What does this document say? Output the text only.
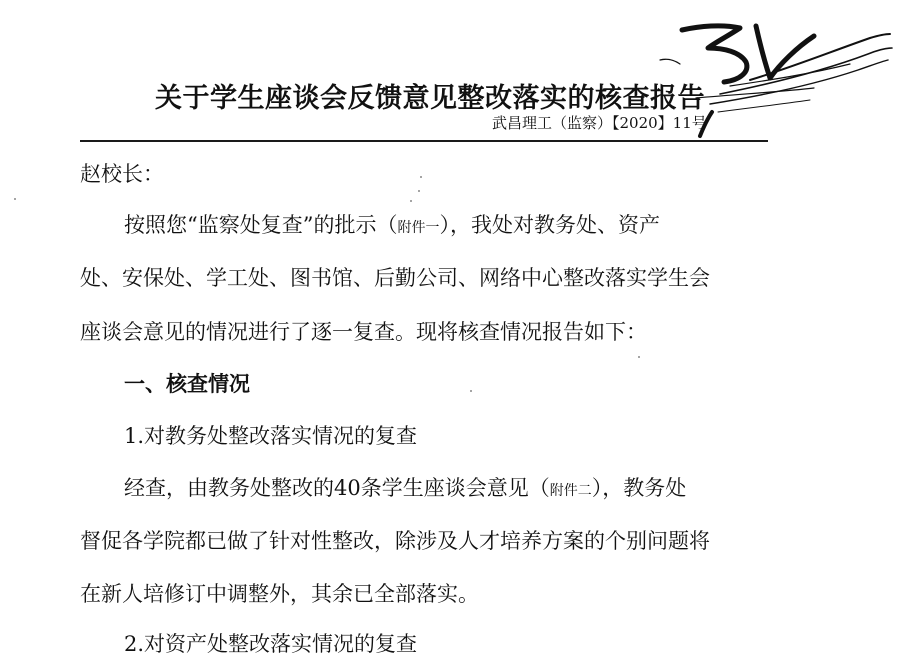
关于学生座谈会反馈意见整改落实的核查报告
武昌理工（监察）【2020】11号
赵校长：
按照您“监察处复查”的批示（附件一），我处对教务处、资产
处、安保处、学工处、图书馆、后勤公司、网络中心整改落实学生会
座谈会意见的情况进行了逐一复查。现将核查情况报告如下：
一、核查情况
1.对教务处整改落实情况的复查
经查，由教务处整改的40条学生座谈会意见（附件二），教务处
督促各学院都已做了针对性整改，除涉及人才培养方案的个别问题将
在新人培修订中调整外，其余已全部落实。
2.对资产处整改落实情况的复查
